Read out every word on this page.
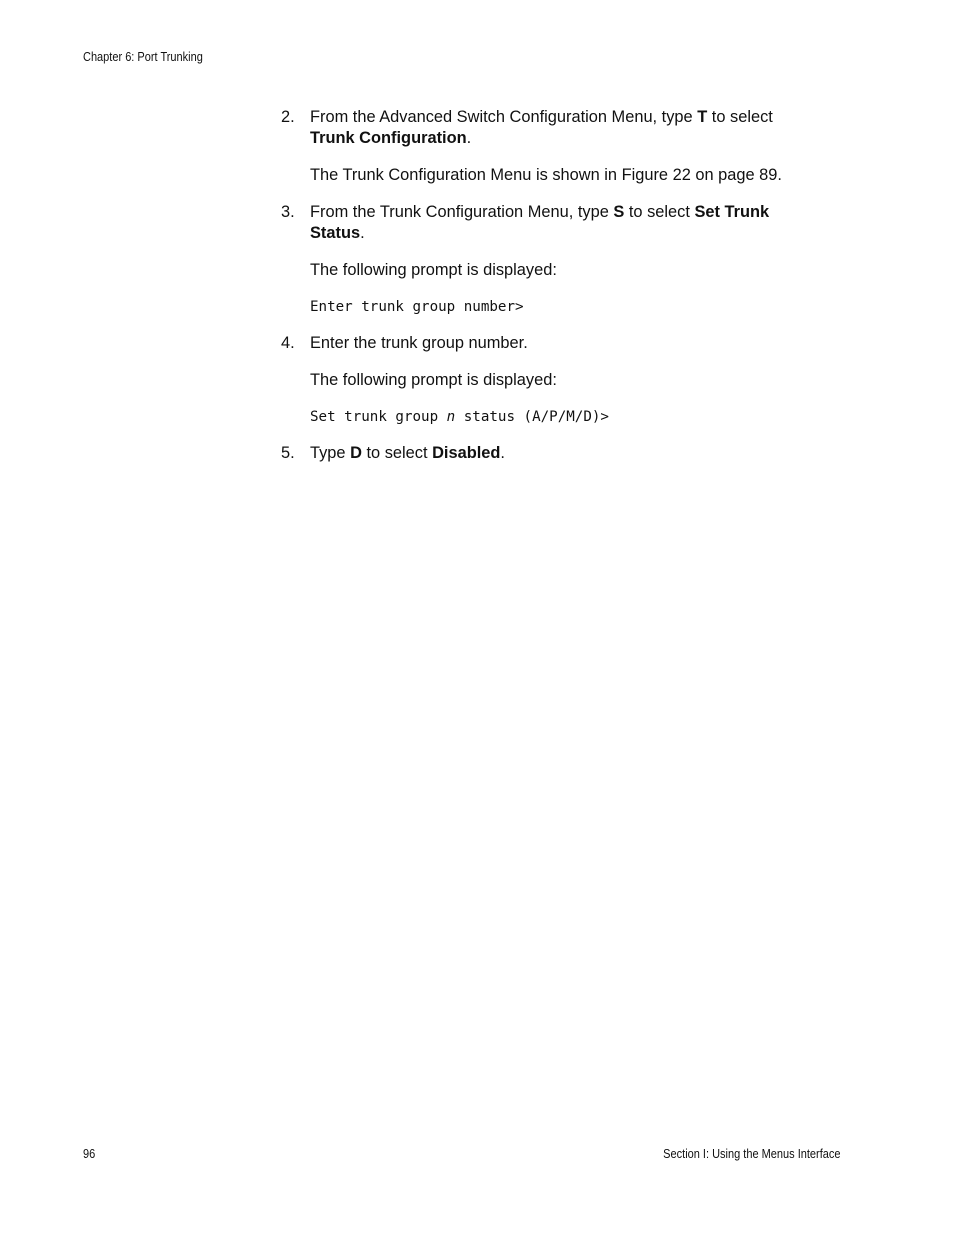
Chapter 6: Port Trunking
2. From the Advanced Switch Configuration Menu, type T to select Trunk Configuration.

The Trunk Configuration Menu is shown in Figure 22 on page 89.

3. From the Trunk Configuration Menu, type S to select Set Trunk Status.

The following prompt is displayed:

Enter trunk group number>
4. Enter the trunk group number.

The following prompt is displayed:

Set trunk group n status (A/P/M/D)>
5. Type D to select Disabled.
96	Section I: Using the Menus Interface
